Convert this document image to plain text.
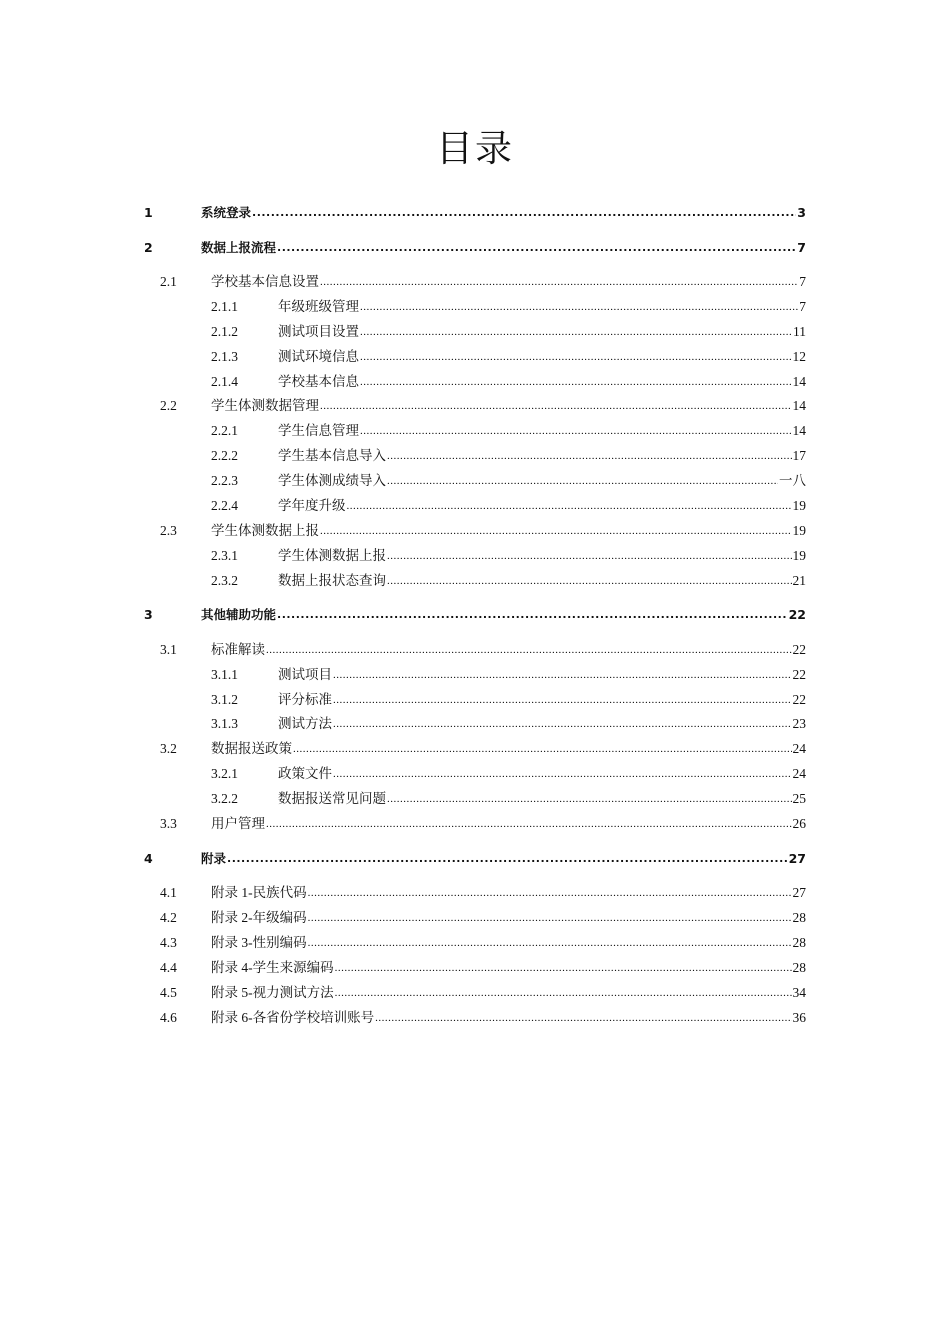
目录
1	系统登录 .....	3
2	数据上报流程 .....	7
2.1	学校基本信息设置 .....	7
2.1.1	年级班级管理 .....	7
2.1.2	测试项目设置 .....	11
2.1.3	测试环境信息 .....	12
2.1.4	学校基本信息 .....	14
2.2	学生体测数据管理 .....	14
2.2.1	学生信息管理 .....	14
2.2.2	学生基本信息导入 .....	17
2.2.3	学生体测成绩导入 .....	一八
2.2.4	学年度升级 .....	19
2.3	学生体测数据上报 .....	19
2.3.1	学生体测数据上报 .....	19
2.3.2	数据上报状态查询 .....	21
3	其他辅助功能 .....	22
3.1	标准解读 .....	22
3.1.1	测试项目 .....	22
3.1.2	评分标准 .....	22
3.1.3	测试方法 .....	23
3.2	数据报送政策 .....	24
3.2.1	政策文件 .....	24
3.2.2	数据报送常见问题 .....	25
3.3	用户管理 .....	26
4	附录 .....	27
4.1	附录 1-民族代码 .....	27
4.2	附录 2-年级编码 .....	28
4.3	附录 3-性别编码 .....	28
4.4	附录 4-学生来源编码 .....	28
4.5	附录 5-视力测试方法 .....	34
4.6	附录 6-各省份学校培训账号 .....	36
